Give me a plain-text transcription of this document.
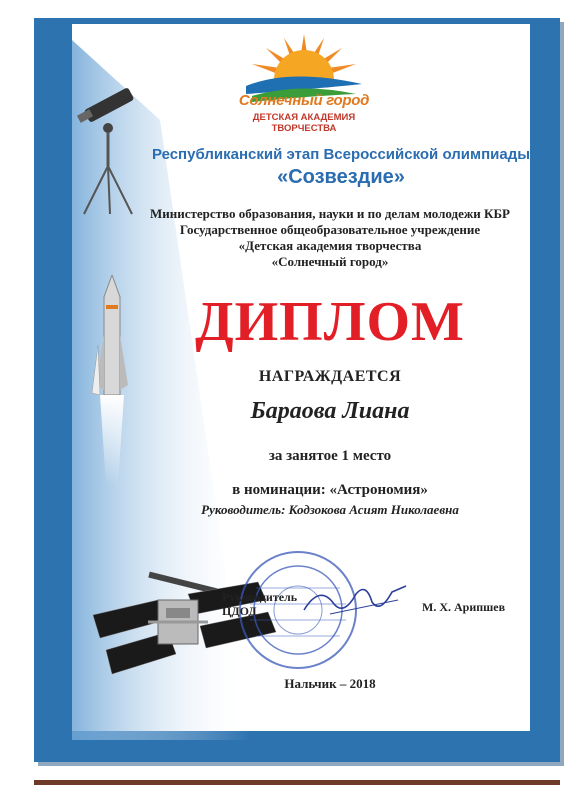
Солнечный город
ДЕТСКАЯ АКАДЕМИЯ
ТВОРЧЕСТВА
Республиканский этап Всероссийской олимпиады
«Созвездие»
Министерство образования, науки и по делам молодежи КБР
Государственное общеобразовательное учреждение
«Детская академия творчества
«Солнечный город»
ДИПЛОМ
НАГРАЖДАЕТСЯ
Бараова Лиана
за занятое 1 место
в номинации: «Астрономия»
Руководитель: Кодзокова Асият Николаевна
Руководитель
ЦДОД	М. Х. Арипшев
Нальчик – 2018
